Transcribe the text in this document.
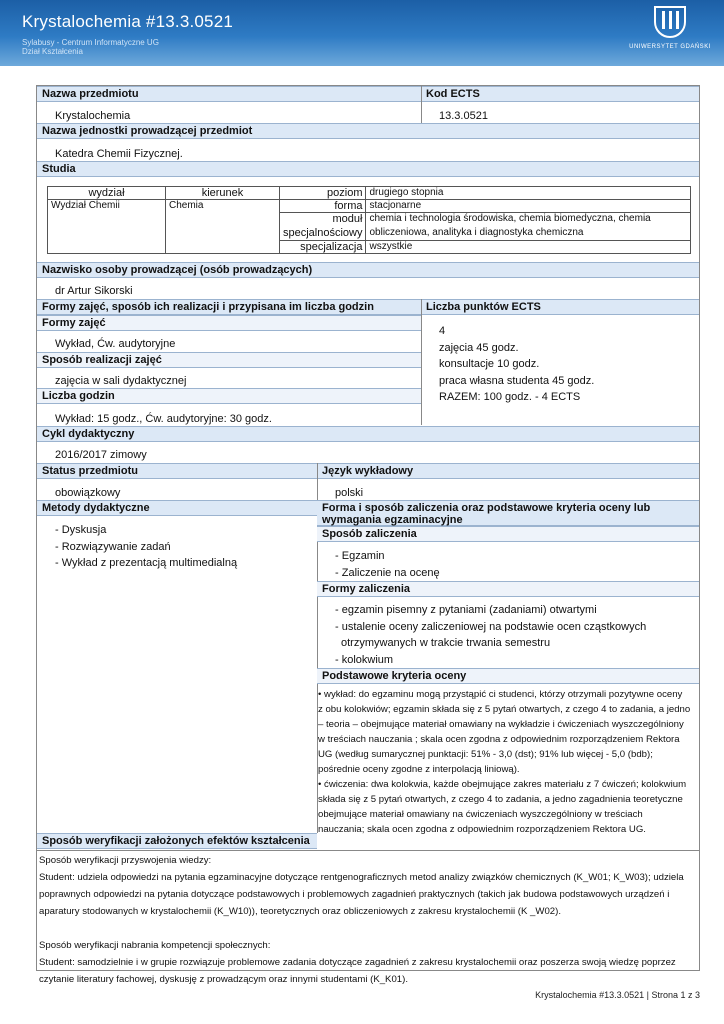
Krystalochemia #13.3.0521
Sylabusy - Centrum Informatyczne UG
Dział Kształcenia	UNIWERSYTET GDAŃSKI
Nazwa przedmiotu	Kod ECTS
Krystalochemia	13.3.0521
Nazwa jednostki prowadzącej przedmiot
Katedra Chemii Fizycznej.
Studia
wydział	kierunek	poziom	drugiego stopnia
Wydział Chemii	Chemia	forma	stacjonarne
		moduł	chemia i technologia środowiska, chemia biomedyczna, chemia
		specjalnościowy	obliczeniowa, analityka i diagnostyka chemiczna
		specjalizacja	wszystkie
Nazwisko osoby prowadzącej (osób prowadzących)
dr Artur Sikorski
Formy zajęć, sposób ich realizacji i przypisana im liczba godzin	Liczba punktów ECTS
Formy zajęć
Wykład, Ćw. audytoryjne
Sposób realizacji zajęć
zajęcia w sali dydaktycznej
Liczba godzin
Wykład: 15 godz., Ćw. audytoryjne: 30 godz.
4
zajęcia 45 godz.
konsultacje 10 godz.
praca własna studenta 45 godz.
RAZEM: 100 godz. - 4 ECTS
Cykl dydaktyczny
2016/2017 zimowy
Status przedmiotu	Język wykładowy
obowiązkowy	polski
Metody dydaktyczne
- Dyskusja
- Rozwiązywanie zadań
- Wykład z prezentacją multimedialną
Forma i sposób zaliczenia oraz podstawowe kryteria oceny lub wymagania egzaminacyjne
Sposób zaliczenia
- Egzamin
- Zaliczenie na ocenę
Formy zaliczenia
- egzamin pisemny z pytaniami (zadaniami) otwartymi
- ustalenie oceny zaliczeniowej na podstawie ocen cząstkowych
otrzymywanych w trakcie trwania semestru
- kolokwium
Podstawowe kryteria oceny
• wykład: do egzaminu mogą przystąpić ci studenci, którzy otrzymali pozytywne oceny
z obu kolokwiów; egzamin składa się z 5 pytań otwartych, z czego 4 to zadania, a jedno
– teoria – obejmujące materiał omawiany na wykładzie i ćwiczeniach wyszczególniony
w treściach nauczania ; skala ocen zgodna z odpowiednim rozporządzeniem Rektora
UG (według sumarycznej punktacji: 51% - 3,0 (dst); 91% lub więcej - 5,0 (bdb);
pośrednie oceny zgodne z interpolacją liniową).
• ćwiczenia: dwa kolokwia, każde obejmujące zakres materiału z 7 ćwiczeń; kolokwium
składa się z 5 pytań otwartych, z czego 4 to zadania, a jedno zagadnienia teoretyczne
obejmujące materiał omawiany na ćwiczeniach wyszczególniony w treściach
nauczania; skala ocen zgodna z odpowiednim rozporządzeniem Rektora UG.
Sposób weryfikacji założonych efektów kształcenia
Sposób weryfikacji przyswojenia wiedzy:
Student: udziela odpowiedzi na pytania egzaminacyjne dotyczące rentgenograficznych metod analizy związków chemicznych (K_W01; K_W03); udziela
poprawnych odpowiedzi na pytania dotyczące podstawowych i problemowych zagadnień praktycznych (takich jak budowa podstawowych urządzeń i
aparatury stodowanych w krystalochemii (K_W10)), teoretycznych oraz obliczeniowych z zakresu krystalochemii (K _W02).
Sposób weryfikacji nabrania kompetencji społecznych:
Student: samodzielnie i w grupie rozwiązuje problemowe zadania dotyczące zagadnień z zakresu krystalochemii oraz poszerza swoją wiedzę poprzez
czytanie literatury fachowej, dyskusję z prowadzącym oraz innymi studentami (K_K01).
Krystalochemia #13.3.0521 | Strona 1 z 3
